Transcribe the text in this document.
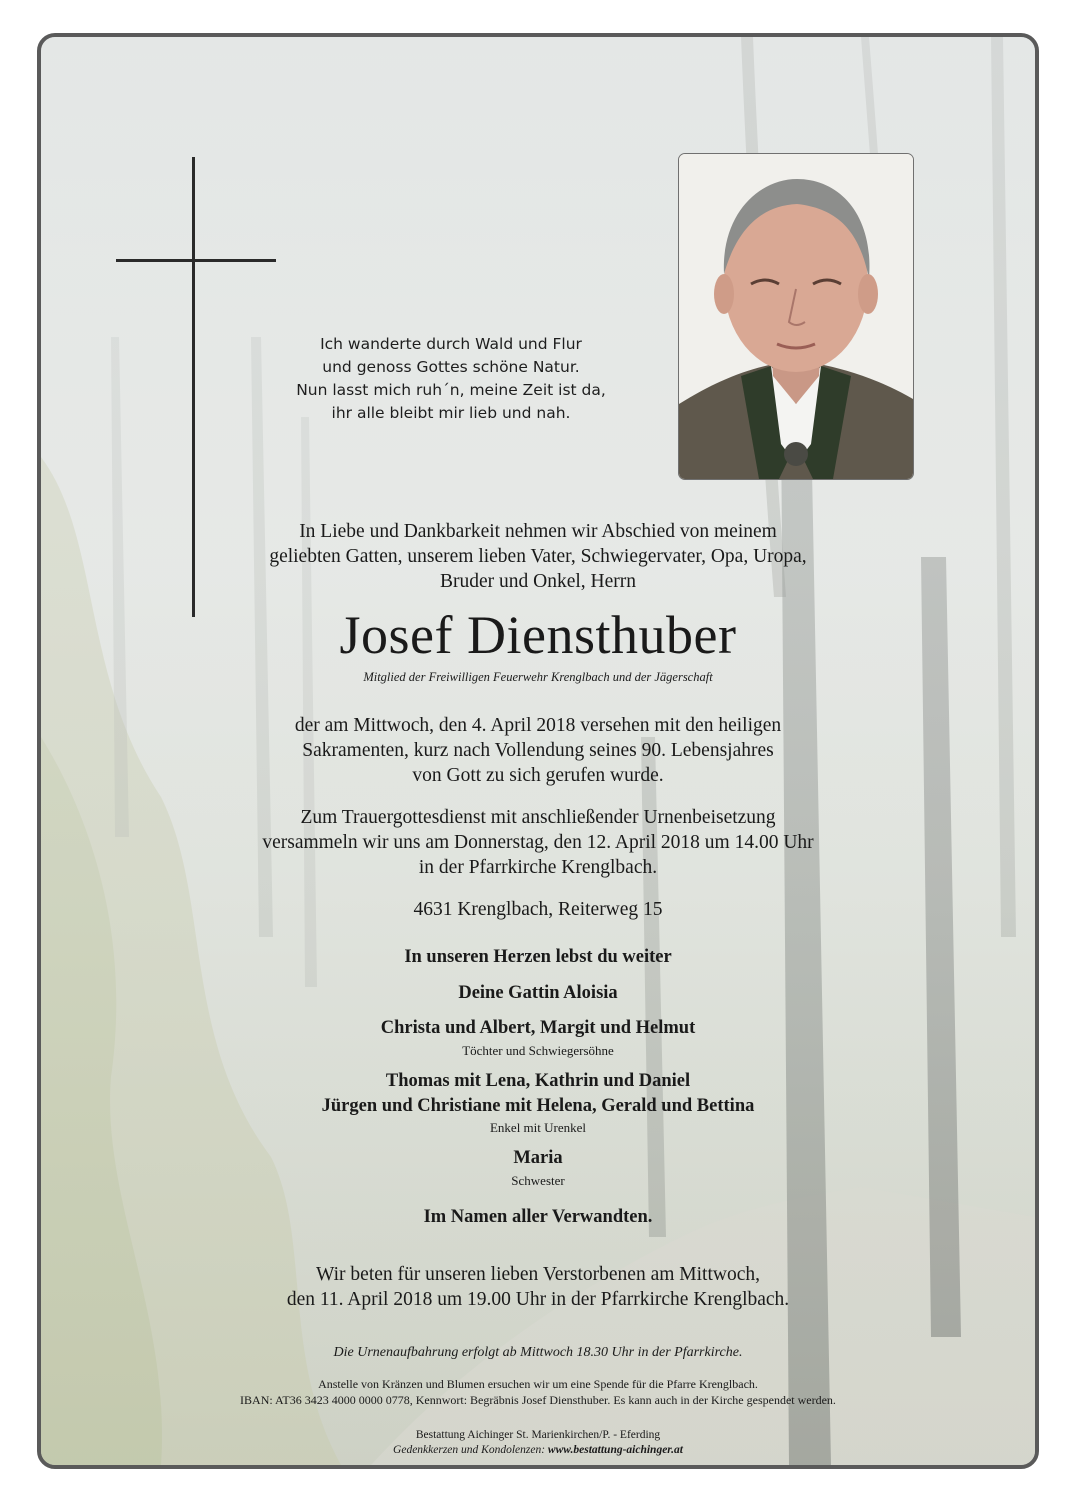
Ich wanderte durch Wald und Flur
und genoss Gottes schöne Natur.
Nun lasst mich ruh´n, meine Zeit ist da,
ihr alle bleibt mir lieb und nah.
In Liebe und Dankbarkeit nehmen wir Abschied von meinem
geliebten Gatten, unserem lieben Vater, Schwiegervater, Opa, Uropa,
Bruder und Onkel, Herrn
Josef Diensthuber
Mitglied der Freiwilligen Feuerwehr Krenglbach und der Jägerschaft
der am Mittwoch, den 4. April 2018 versehen mit den heiligen
Sakramenten, kurz nach Vollendung seines 90. Lebensjahres
von Gott zu sich gerufen wurde.
Zum Trauergottesdienst mit anschließender Urnenbeisetzung
versammeln wir uns am Donnerstag, den 12. April 2018 um 14.00 Uhr
in der Pfarrkirche Krenglbach.
4631 Krenglbach, Reiterweg 15
In unseren Herzen lebst du weiter
Deine Gattin Aloisia
Christa und Albert, Margit und Helmut
Töchter und Schwiegersöhne
Thomas mit Lena, Kathrin und Daniel
Jürgen und Christiane mit Helena, Gerald und Bettina
Enkel mit Urenkel
Maria
Schwester
Im Namen aller Verwandten.
Wir beten für unseren lieben Verstorbenen am Mittwoch,
den 11. April 2018 um 19.00 Uhr in der Pfarrkirche Krenglbach.
Die Urnenaufbahrung erfolgt ab Mittwoch 18.30 Uhr in der Pfarrkirche.
Anstelle von Kränzen und Blumen ersuchen wir um eine Spende für die Pfarre Krenglbach.
IBAN: AT36 3423 4000 0000 0778, Kennwort: Begräbnis Josef Diensthuber. Es kann auch in der Kirche gespendet werden.
Bestattung Aichinger St. Marienkirchen/P. - Eferding
Gedenkkerzen und Kondolenzen: www.bestattung-aichinger.at
